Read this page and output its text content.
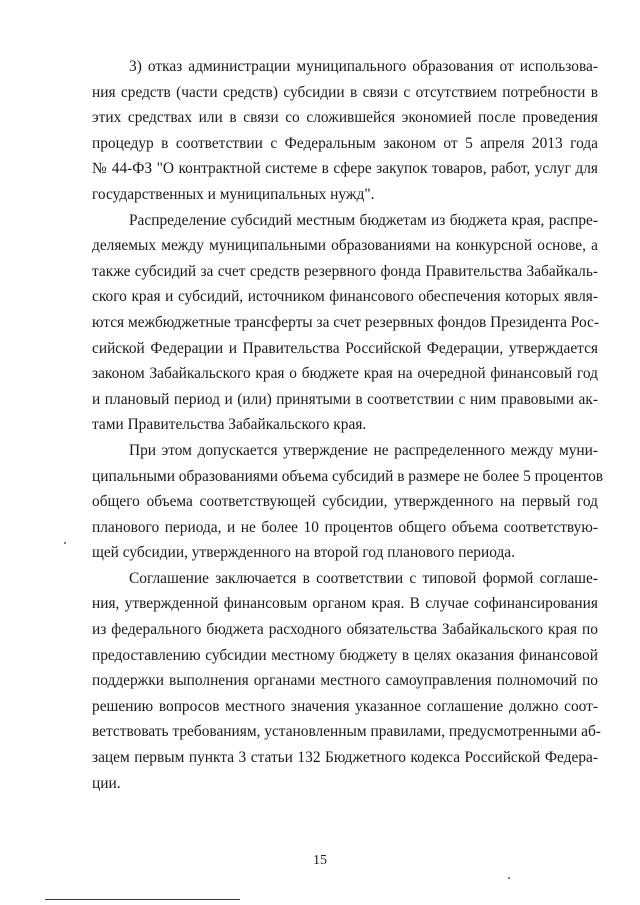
3) отказ администрации муниципального образования от использова-
ния средств (части средств) субсидии в связи с отсутствием потребности в
этих средствах или в связи со сложившейся экономией после проведения
процедур в соответствии с Федеральным законом от 5 апреля 2013 года
№ 44-ФЗ "О контрактной системе в сфере закупок товаров, работ, услуг для
государственных и муниципальных нужд".
Распределение субсидий местным бюджетам из бюджета края, распре-
деляемых между муниципальными образованиями на конкурсной основе, а
также субсидий за счет средств резервного фонда Правительства Забайкаль-
ского края и субсидий, источником финансового обеспечения которых явля-
ются межбюджетные трансферты за счет резервных фондов Президента Рос-
сийской Федерации и Правительства Российской Федерации, утверждается
законом Забайкальского края о бюджете края на очередной финансовый год
и плановый период и (или) принятыми в соответствии с ним правовыми ак-
тами Правительства Забайкальского края.
При этом допускается утверждение не распределенного между муни-
ципальными образованиями объема субсидий в размере не более 5 процентов
общего объема соответствующей субсидии, утвержденного на первый год
планового периода, и не более 10 процентов общего объема соответствую-
щей субсидии, утвержденного на второй год планового периода.
Соглашение заключается в соответствии с типовой формой соглаше-
ния, утвержденной финансовым органом края. В случае софинансирования
из федерального бюджета расходного обязательства Забайкальского края по
предоставлению субсидии местному бюджету в целях оказания финансовой
поддержки выполнения органами местного самоуправления полномочий по
решению вопросов местного значения указанное соглашение должно соот-
ветствовать требованиям, установленным правилами, предусмотренными аб-
зацем первым пункта 3 статьи 132 Бюджетного кодекса Российской Федера-
ции.
15
